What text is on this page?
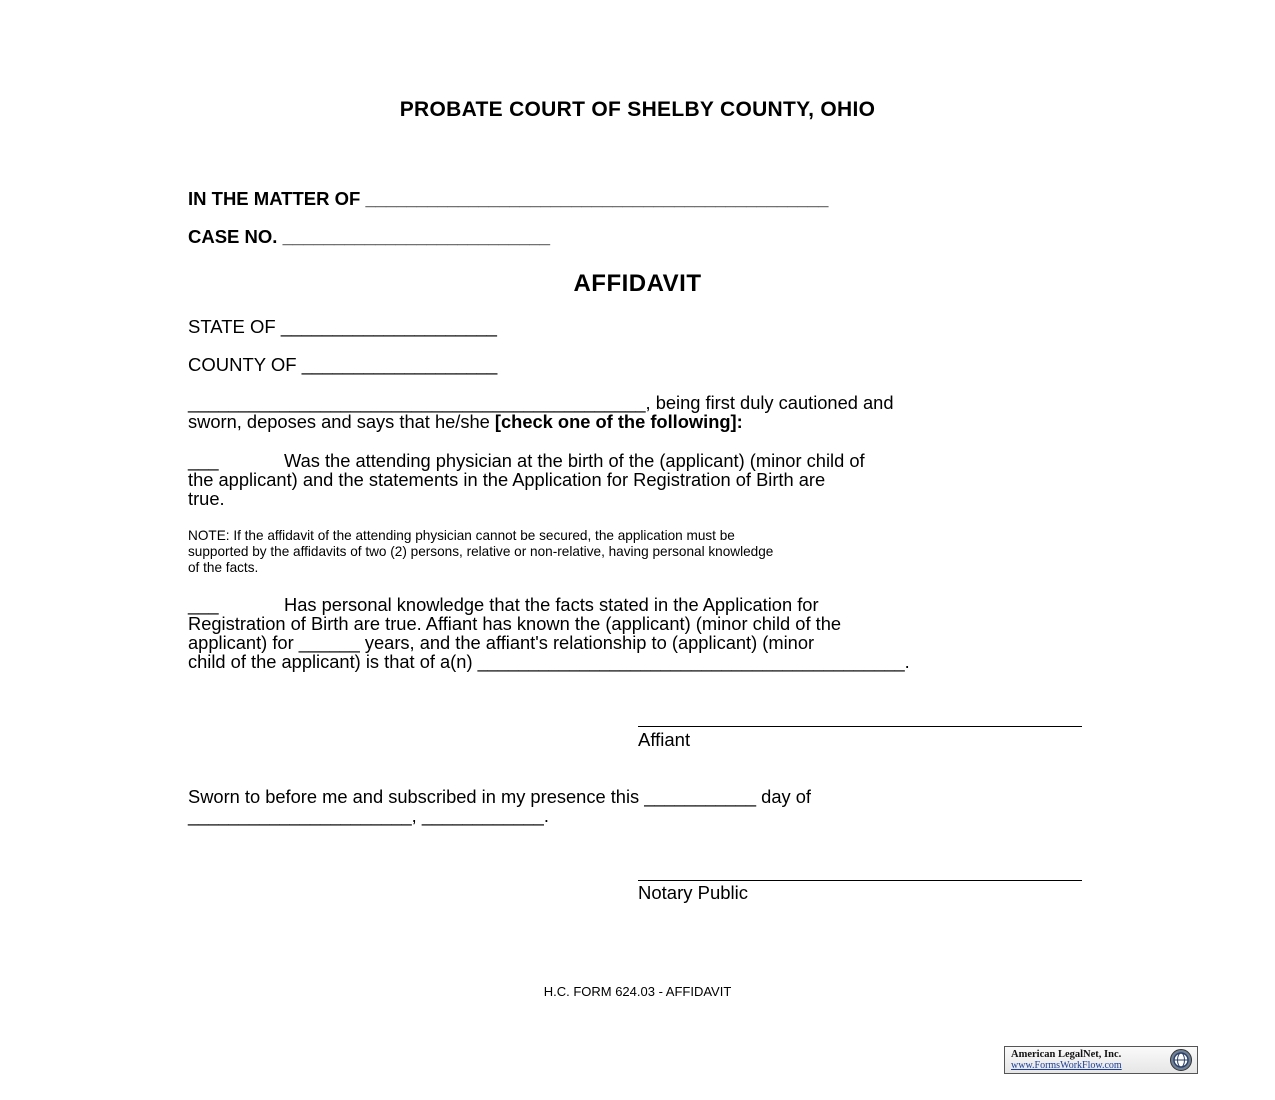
PROBATE COURT OF SHELBY COUNTY, OHIO
IN THE MATTER OF _____________________________________________
CASE NO. __________________________
AFFIDAVIT
STATE OF _____________________
COUNTY OF ___________________
_____________________________________________, being first duly cautioned and
sworn, deposes and says that he/she [check one of the following]:
___	Was the attending physician at the birth of the (applicant) (minor child of
the applicant) and the statements in the Application for Registration of Birth are
true.
NOTE: If the affidavit of the attending physician cannot be secured, the application must be
supported by the affidavits of two (2) persons, relative or non-relative, having personal knowledge
of the facts.
___	Has personal knowledge that the facts stated in the Application for
Registration of Birth are true. Affiant has known the (applicant) (minor child of the
applicant) for ______ years, and the affiant's relationship to (applicant) (minor
child of the applicant) is that of a(n) __________________________________________.
Affiant
Sworn to before me and subscribed in my presence this ___________ day of
______________________, ____________.
Notary Public
H.C. FORM 624.03 - AFFIDAVIT
American LegalNet, Inc.
www.FormsWorkFlow.com
